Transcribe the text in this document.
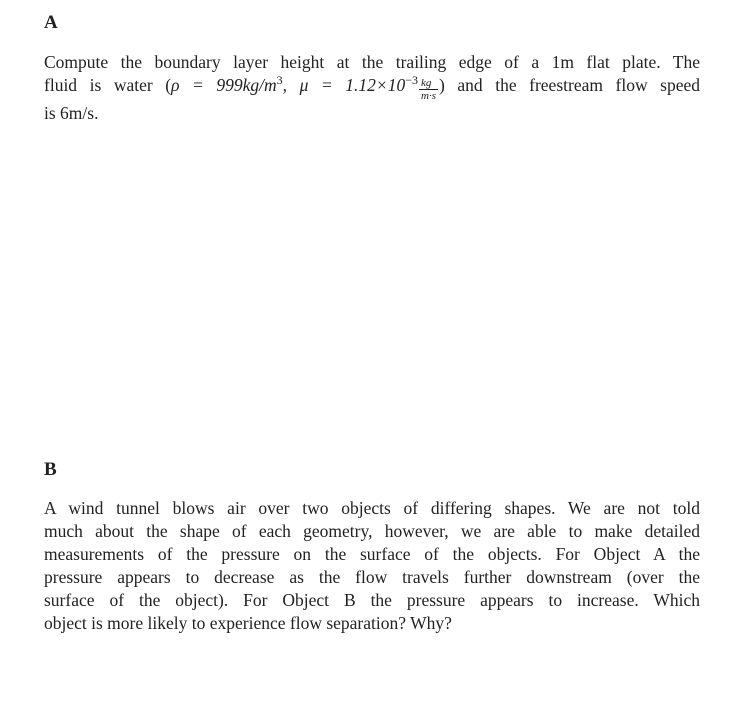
A
Compute the boundary layer height at the trailing edge of a 1m flat plate. The
fluid is water ($\rho = 999kg/m^3$, $\mu = 1.12\times 10^{-3} \frac{kg}{m\cdot s}$ ) and the freestream flow speed
is 6m/s.
B
A wind tunnel blows air over two objects of differing shapes. We are not told
much about the shape of each geometry, however, we are able to make detailed
measurements of the pressure on the surface of the objects. For Object A the
pressure appears to decrease as the flow travels further downstream (over the
surface of the object). For Object B the pressure appears to increase. Which
object is more likely to experience flow separation? Why?
